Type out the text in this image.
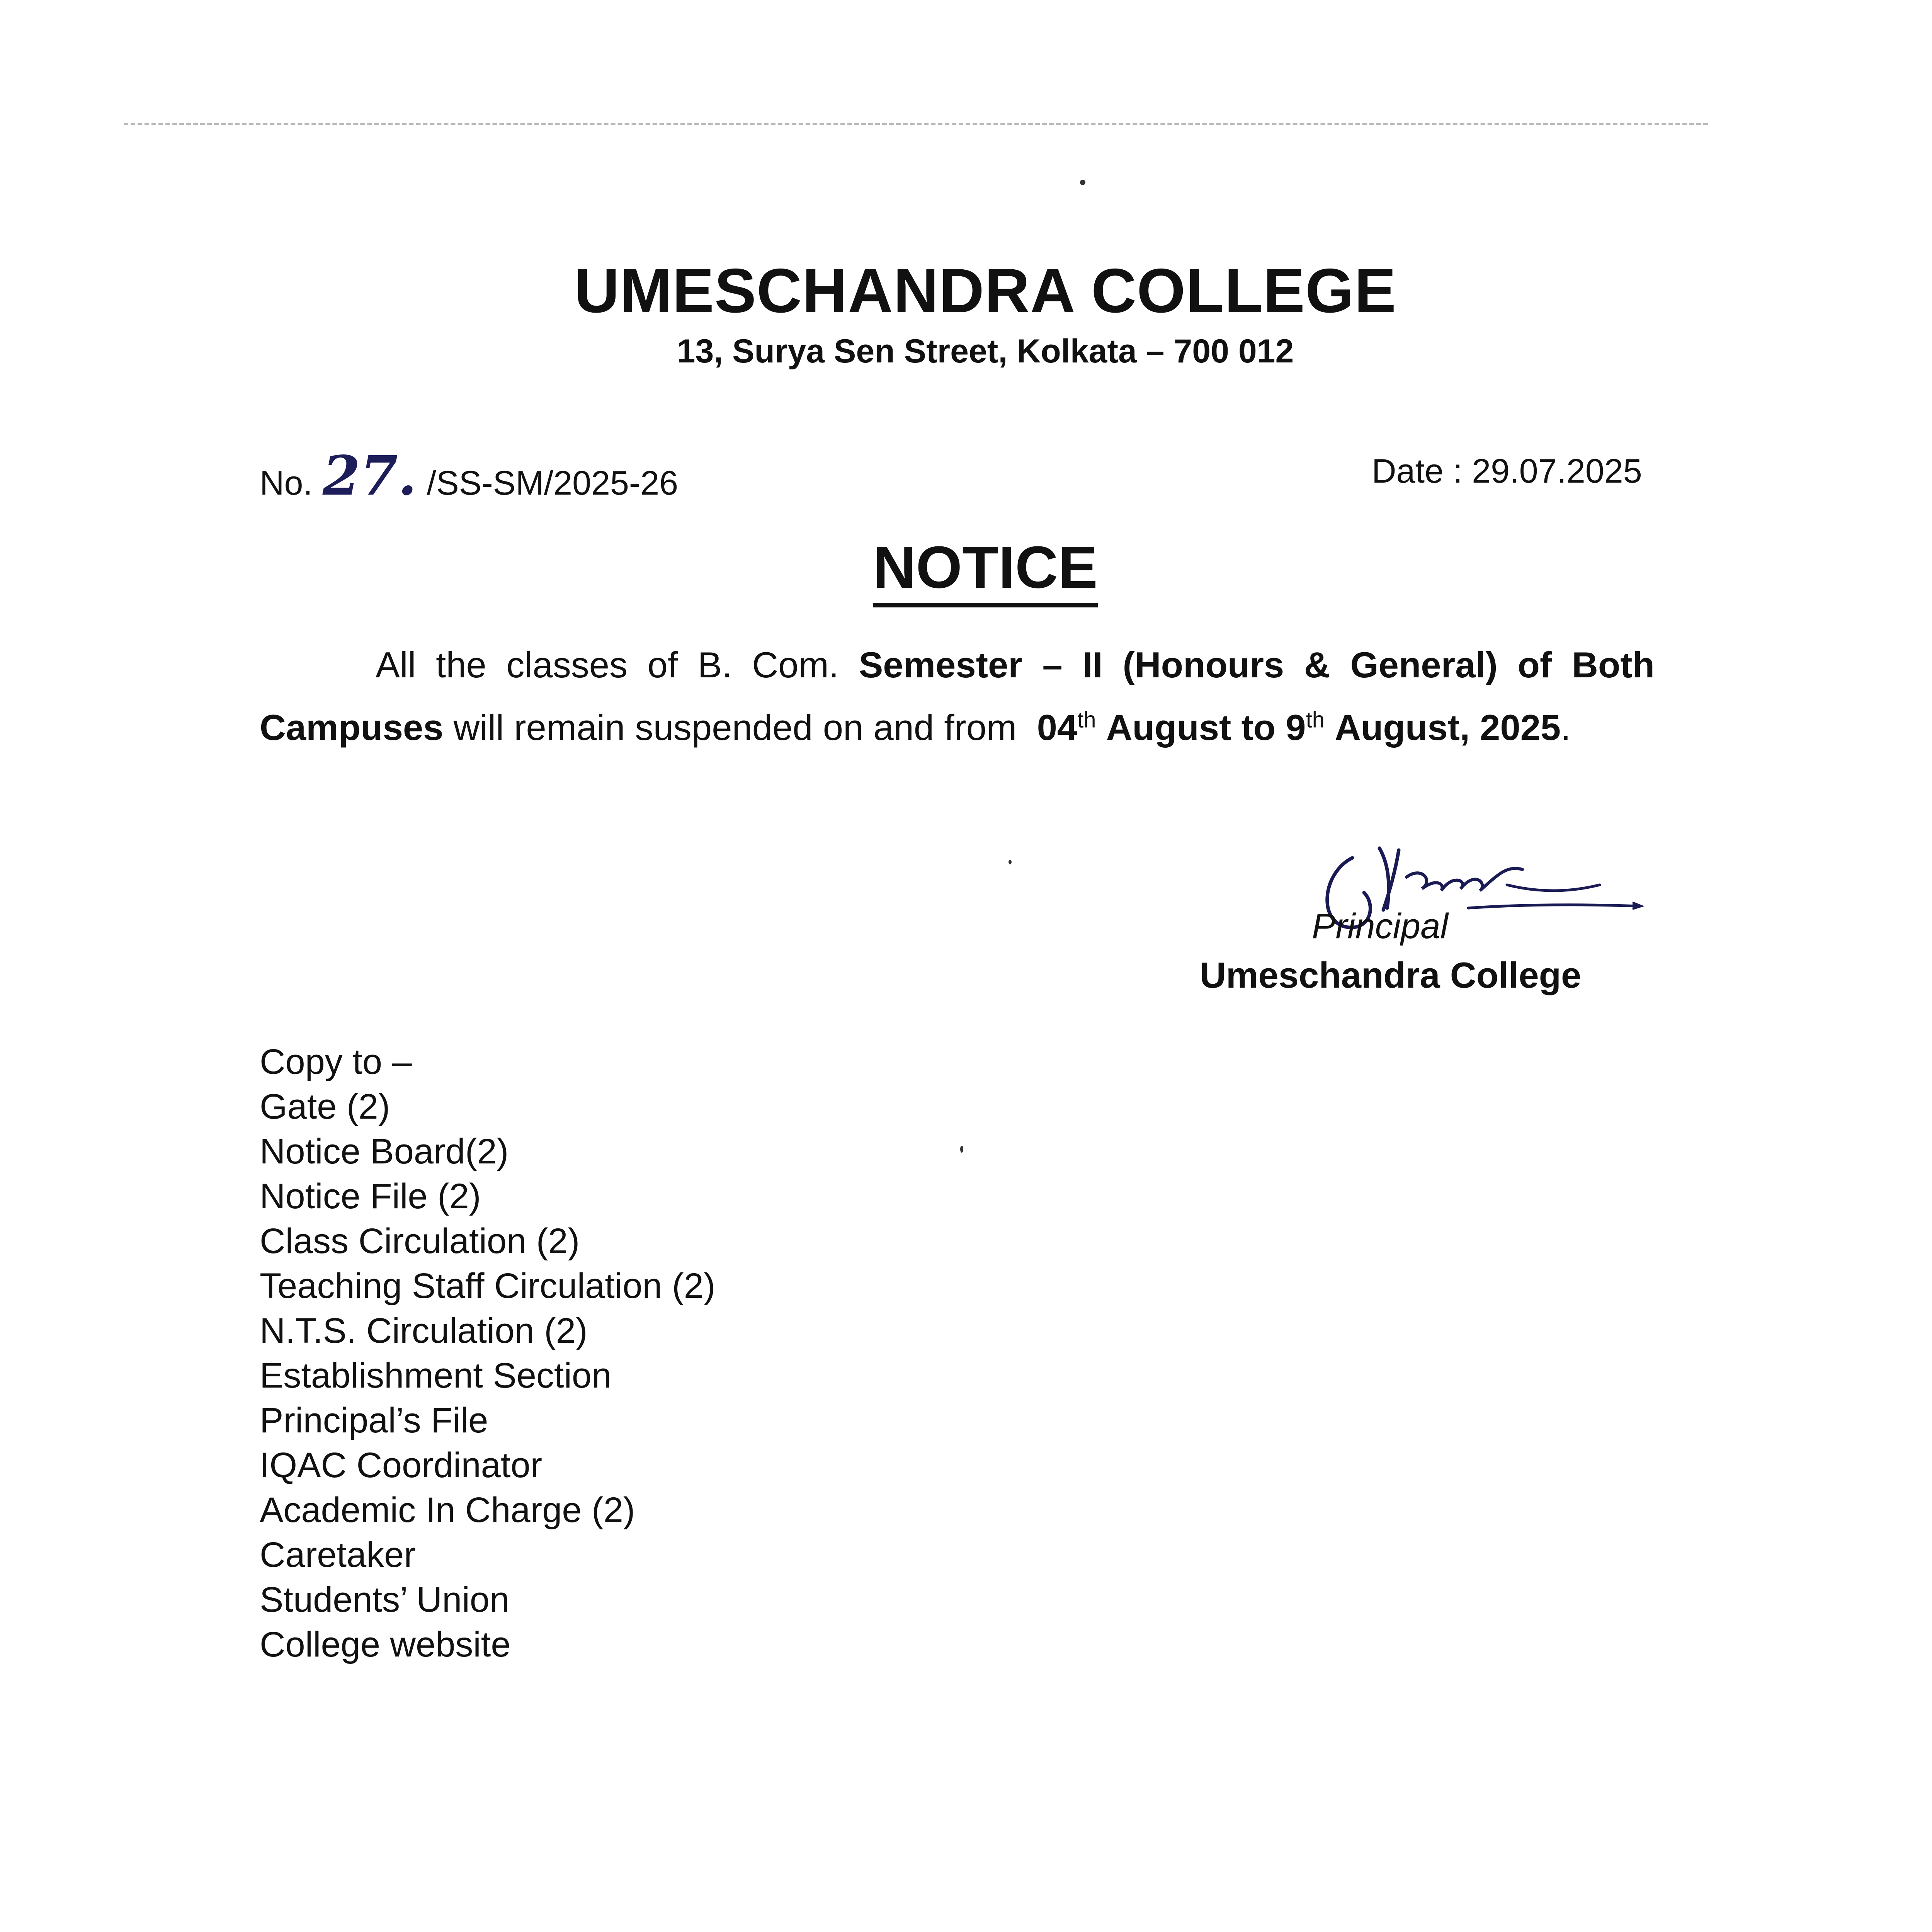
UMESCHANDRA COLLEGE
13, Surya Sen Street, Kolkata – 700 012
No. 27. /SS-SM/2025-26	Date : 29.07.2025
NOTICE

All the classes of B. Com. Semester – II (Honours & General) of Both Campuses will remain suspended on and from 04th August to 9th August, 2025.

Principal
Umeschandra College
Copy to –
Gate (2)
Notice Board(2)
Notice File (2)
Class Circulation (2)
Teaching Staff Circulation (2)
N.T.S. Circulation (2)
Establishment Section
Principal’s File
IQAC Coordinator
Academic In Charge (2)
Caretaker
Students’ Union
College website
